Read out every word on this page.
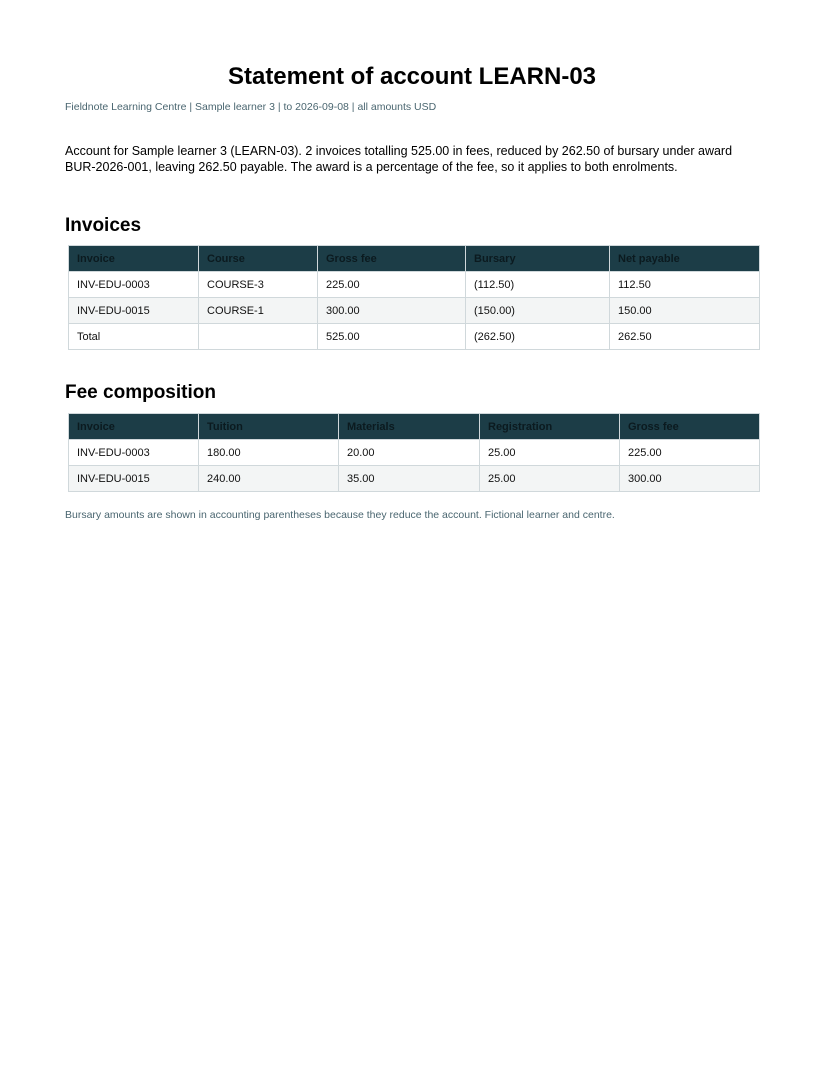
Statement of account LEARN-03
Fieldnote Learning Centre | Sample learner 3 | to 2026-09-08 | all amounts USD

Account for Sample learner 3 (LEARN-03). 2 invoices totalling 525.00 in fees, reduced by 262.50 of bursary under award BUR-2026-001, leaving 262.50 payable. The award is a percentage of the fee, so it applies to both enrolments.

Invoices
Invoice	Course	Gross fee	Bursary	Net payable
INV-EDU-0003	COURSE-3	225.00	(112.50)	112.50
INV-EDU-0015	COURSE-1	300.00	(150.00)	150.00
Total		525.00	(262.50)	262.50
Fee composition
Invoice	Tuition	Materials	Registration	Gross fee
INV-EDU-0003	180.00	20.00	25.00	225.00
INV-EDU-0015	240.00	35.00	25.00	300.00
Bursary amounts are shown in accounting parentheses because they reduce the account. Fictional learner and centre.
